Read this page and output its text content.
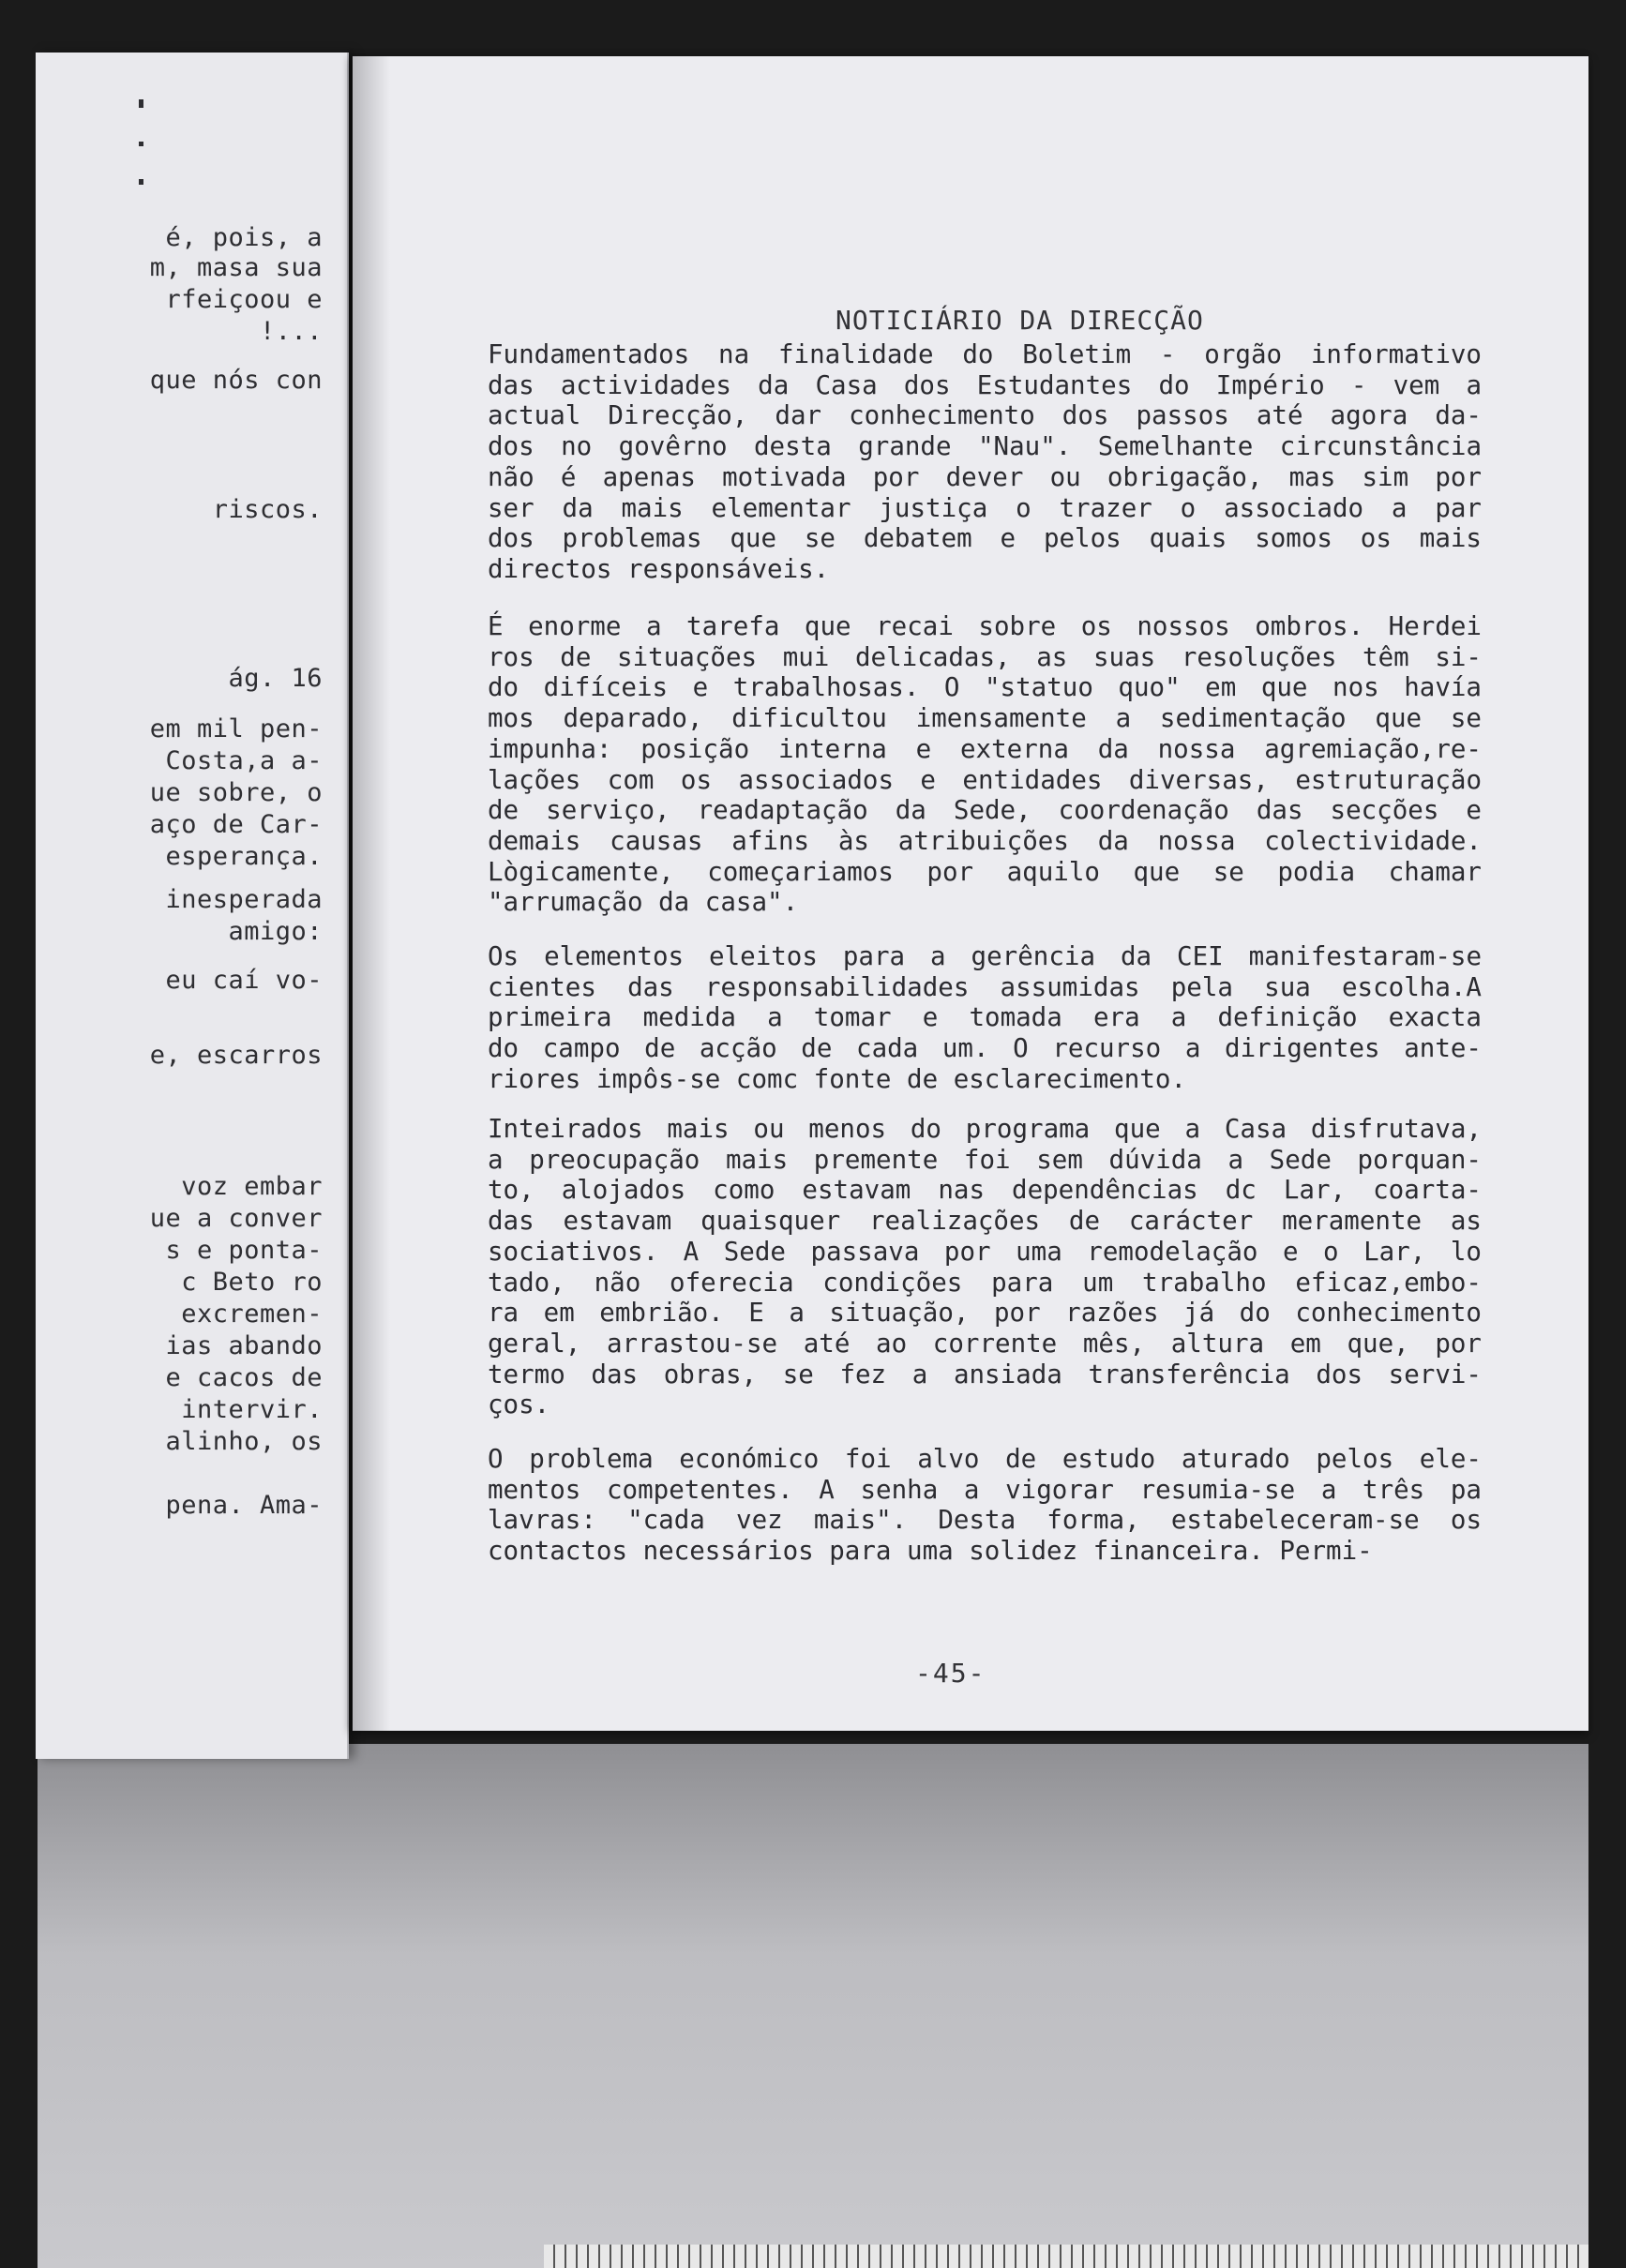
é, pois, a
m, masa sua
rfeiçoou e
!...
que nós con
riscos.
ág. 16
em mil pen-
Costa,a a-
ue sobre, o
aço de Car-
esperança.
inesperada
amigo:
eu caí vo-
e, escarros
voz embar
ue a conver
s e ponta-
c Beto ro
excremen-
ias abando
e cacos de
intervir.
alinho, os
pena. Ama-
NOTICIÁRIO DA DIRECÇÃO
Fundamentados na finalidade do Boletim - orgão informativo
das actividades da Casa dos Estudantes do Império - vem a
actual Direcção, dar conhecimento dos passos até agora da-
dos no govêrno desta grande "Nau". Semelhante circunstância
não é apenas motivada por dever ou obrigação, mas sim por
ser da mais elementar justiça o trazer o associado a par
dos problemas que se debatem e pelos quais somos os mais
directos responsáveis.
É enorme a tarefa que recai sobre os nossos ombros. Herdei
ros de situações mui delicadas, as suas resoluções têm si-
do difíceis e trabalhosas. O "statuo quo" em que nos havía
mos deparado, dificultou imensamente a sedimentação que se
impunha: posição interna e externa da nossa agremiação,re-
lações com os associados e entidades diversas, estruturação
de serviço, readaptação da Sede, coordenação das secções e
demais causas afins às atribuições da nossa colectividade.
Lògicamente, começariamos por aquilo que se podia chamar
"arrumação da casa".
Os elementos eleitos para a gerência da CEI manifestaram-se
cientes das responsabilidades assumidas pela sua escolha.A
primeira medida a tomar e tomada era a definição exacta
do campo de acção de cada um. O recurso a dirigentes ante-
riores impôs-se comc fonte de esclarecimento.
Inteirados mais ou menos do programa que a Casa disfrutava,
a preocupação mais premente foi sem dúvida a Sede porquan-
to, alojados como estavam nas dependências dc Lar, coarta-
das estavam quaisquer realizações de carácter meramente as
sociativos. A Sede passava por uma remodelação e o Lar, lo
tado, não oferecia condições para um trabalho eficaz,embo-
ra em embrião. E a situação, por razões já do conhecimento
geral, arrastou-se até ao corrente mês, altura em que, por
termo das obras, se fez a ansiada transferência dos servi-
ços.
O problema económico foi alvo de estudo aturado pelos ele-
mentos competentes. A senha a vigorar resumia-se a três pa
lavras: "cada vez mais". Desta forma, estabeleceram-se os
contactos necessários para uma solidez financeira. Permi-
-45-
